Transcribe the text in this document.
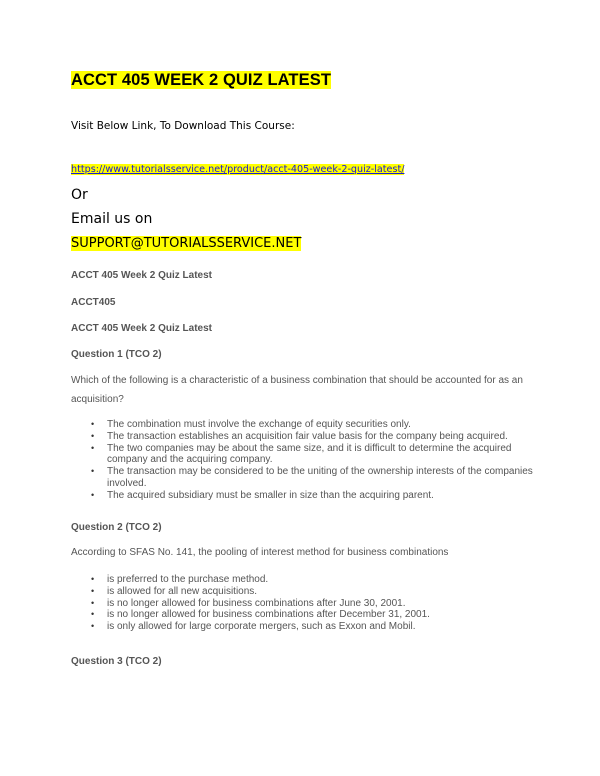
ACCT 405 WEEK 2 QUIZ LATEST
Visit Below Link, To Download This Course:
https://www.tutorialsservice.net/product/acct-405-week-2-quiz-latest/
Or
Email us on
SUPPORT@TUTORIALSSERVICE.NET
ACCT 405 Week 2 Quiz Latest
ACCT405
ACCT 405 Week 2 Quiz Latest
Question 1 (TCO 2)
Which of the following is a characteristic of a business combination that should be accounted for as an acquisition?
• The combination must involve the exchange of equity securities only.
• The transaction establishes an acquisition fair value basis for the company being acquired.
• The two companies may be about the same size, and it is difficult to determine the acquired company and the acquiring company.
• The transaction may be considered to be the uniting of the ownership interests of the companies involved.
• The acquired subsidiary must be smaller in size than the acquiring parent.
Question 2 (TCO 2)
According to SFAS No. 141, the pooling of interest method for business combinations
• is preferred to the purchase method.
• is allowed for all new acquisitions.
• is no longer allowed for business combinations after June 30, 2001.
• is no longer allowed for business combinations after December 31, 2001.
• is only allowed for large corporate mergers, such as Exxon and Mobil.
Question 3 (TCO 2)
